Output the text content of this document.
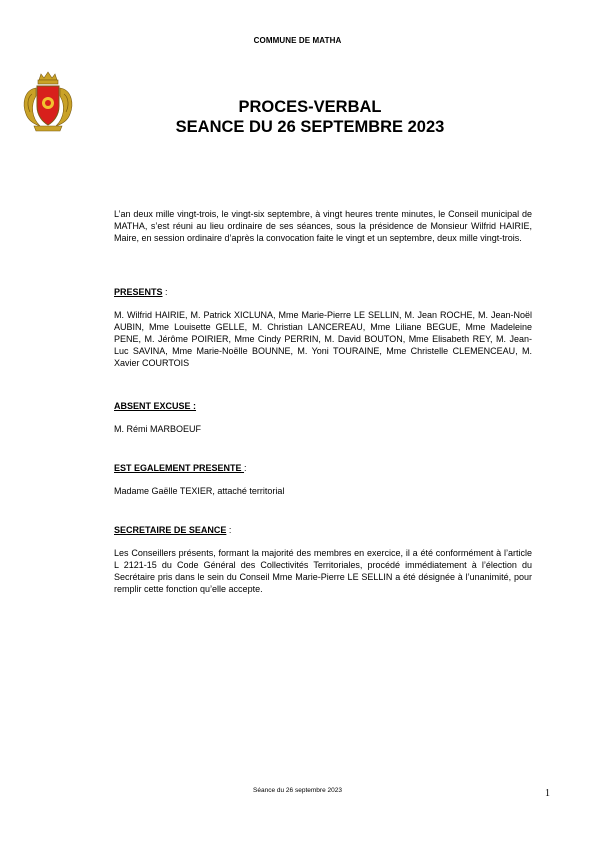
COMMUNE DE MATHA
PROCES-VERBAL
SEANCE DU 26 SEPTEMBRE 2023

L’an deux mille vingt-trois, le vingt-six septembre, à vingt heures trente minutes, le Conseil municipal de MATHA, s’est réuni au lieu ordinaire de ses séances, sous la présidence de Monsieur Wilfrid HAIRIE, Maire, en session ordinaire d’après la convocation faite le vingt et un septembre, deux mille vingt-trois.

PRESENTS :

M. Wilfrid HAIRIE, M. Patrick XICLUNA, Mme Marie-Pierre LE SELLIN, M. Jean ROCHE, M. Jean-Noël AUBIN, Mme Louisette GELLE, M. Christian LANCEREAU, Mme Liliane BEGUE, Mme Madeleine PENE, M. Jérôme POIRIER, Mme Cindy PERRIN, M. David BOUTON, Mme Elisabeth REY, M. Jean-Luc SAVINA, Mme Marie-Noëlle BOUNNE, M. Yoni TOURAINE, Mme Christelle CLEMENCEAU, M. Xavier COURTOIS

ABSENT EXCUSE :

M. Rémi MARBOEUF

EST EGALEMENT PRESENTE :

Madame Gaëlle TEXIER, attaché territorial

SECRETAIRE DE SEANCE :

Les Conseillers présents, formant la majorité des membres en exercice, il a été conformément à l’article L 2121-15 du Code Général des Collectivités Territoriales, procédé immédiatement à l’élection du Secrétaire pris dans le sein du Conseil Mme Marie-Pierre LE SELLIN a été désignée à l’unanimité, pour remplir cette fonction qu’elle accepte.

Séance du 26 septembre 2023	1
